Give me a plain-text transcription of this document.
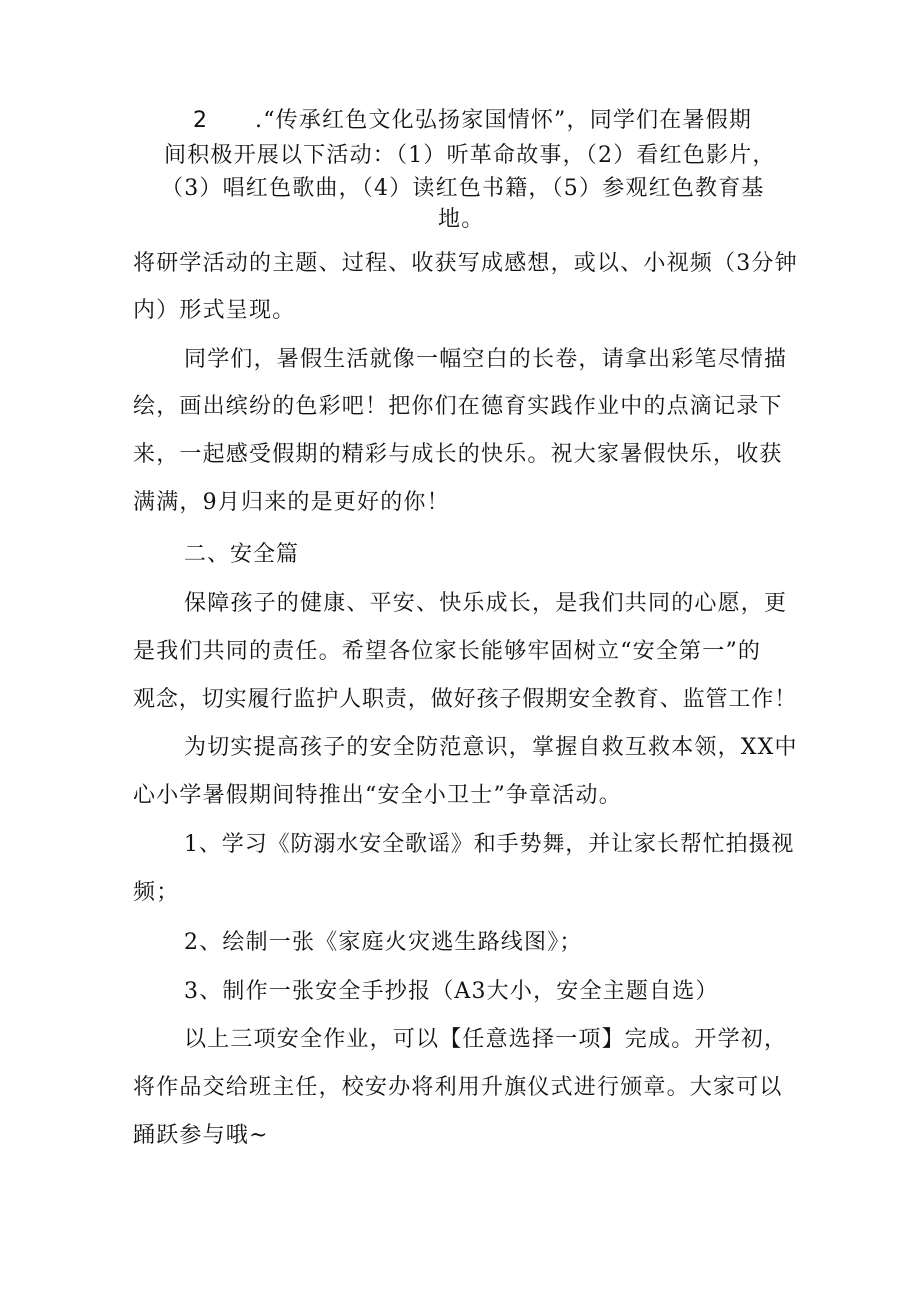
2 .“传承红色文化弘扬家国情怀”，同学们在暑假期
间积极开展以下活动：（1）听革命故事，（2）看红色影片，
（3）唱红色歌曲，（4）读红色书籍，（5）参观红色教育基
地。
将研学活动的主题、过程、收获写成感想，或以、小视频（3分钟
内）形式呈现。
同学们，暑假生活就像一幅空白的长卷，请拿出彩笔尽情描
绘，画出缤纷的色彩吧！把你们在德育实践作业中的点滴记录下
来，一起感受假期的精彩与成长的快乐。祝大家暑假快乐，收获
满满，9月归来的是更好的你！
二、安全篇
保障孩子的健康、平安、快乐成长，是我们共同的心愿，更
是我们共同的责任。希望各位家长能够牢固树立“安全第一”的
观念，切实履行监护人职责，做好孩子假期安全教育、监管工作！
为切实提高孩子的安全防范意识，掌握自救互救本领，XX中
心小学暑假期间特推出“安全小卫士”争章活动。
1、学习《防溺水安全歌谣》和手势舞，并让家长帮忙拍摄视
频；
2、绘制一张《家庭火灾逃生路线图》；
3、制作一张安全手抄报（A3大小，安全主题自选）
以上三项安全作业，可以【任意选择一项】完成。开学初，
将作品交给班主任，校安办将利用升旗仪式进行颁章。大家可以
踊跃参与哦~
